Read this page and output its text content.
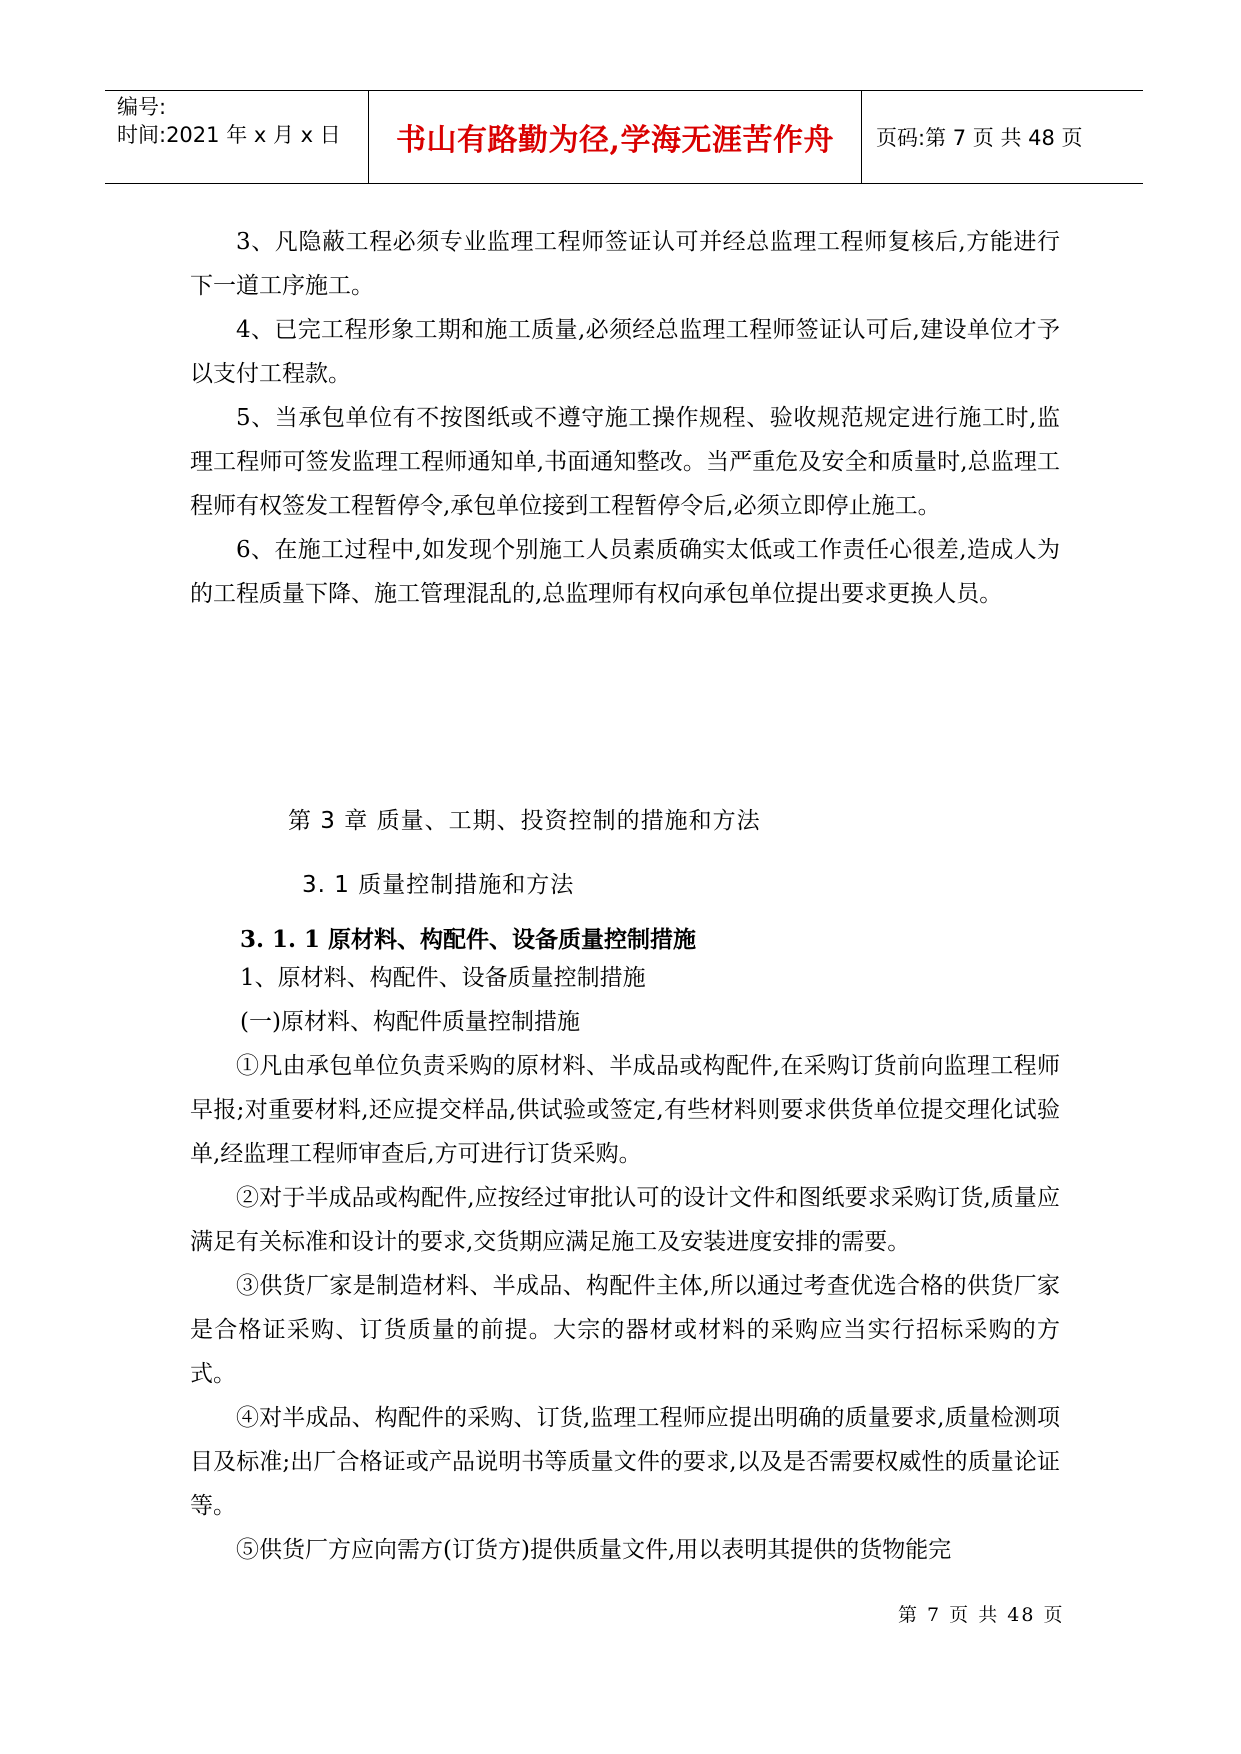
编号:
时间:2021 年 x 月 x 日	书山有路勤为径,学海无涯苦作舟	页码:第 7 页 共 48 页

3、凡隐蔽工程必须专业监理工程师签证认可并经总监理工程师复核后,方能进行下一道工序施工。

4、已完工程形象工期和施工质量,必须经总监理工程师签证认可后,建设单位才予以支付工程款。

5、当承包单位有不按图纸或不遵守施工操作规程、验收规范规定进行施工时,监理工程师可签发监理工程师通知单,书面通知整改。当严重危及安全和质量时,总监理工程师有权签发工程暂停令,承包单位接到工程暂停令后,必须立即停止施工。

6、在施工过程中,如发现个别施工人员素质确实太低或工作责任心很差,造成人为的工程质量下降、施工管理混乱的,总监理师有权向承包单位提出要求更换人员。

第 3 章 质量、工期、投资控制的措施和方法
3. 1 质量控制措施和方法
3. 1. 1 原材料、构配件、设备质量控制措施

1、原材料、构配件、设备质量控制措施

(一)原材料、构配件质量控制措施

①凡由承包单位负责采购的原材料、半成品或构配件,在采购订货前向监理工程师早报;对重要材料,还应提交样品,供试验或签定,有些材料则要求供货单位提交理化试验单,经监理工程师审查后,方可进行订货采购。

②对于半成品或构配件,应按经过审批认可的设计文件和图纸要求采购订货,质量应满足有关标准和设计的要求,交货期应满足施工及安装进度安排的需要。

③供货厂家是制造材料、半成品、构配件主体,所以通过考查优选合格的供货厂家是合格证采购、订货质量的前提。大宗的器材或材料的采购应当实行招标采购的方式。

④对半成品、构配件的采购、订货,监理工程师应提出明确的质量要求,质量检测项目及标准;出厂合格证或产品说明书等质量文件的要求,以及是否需要权威性的质量论证等。

⑤供货厂方应向需方(订货方)提供质量文件,用以表明其提供的货物能完

第 7 页 共 48 页
